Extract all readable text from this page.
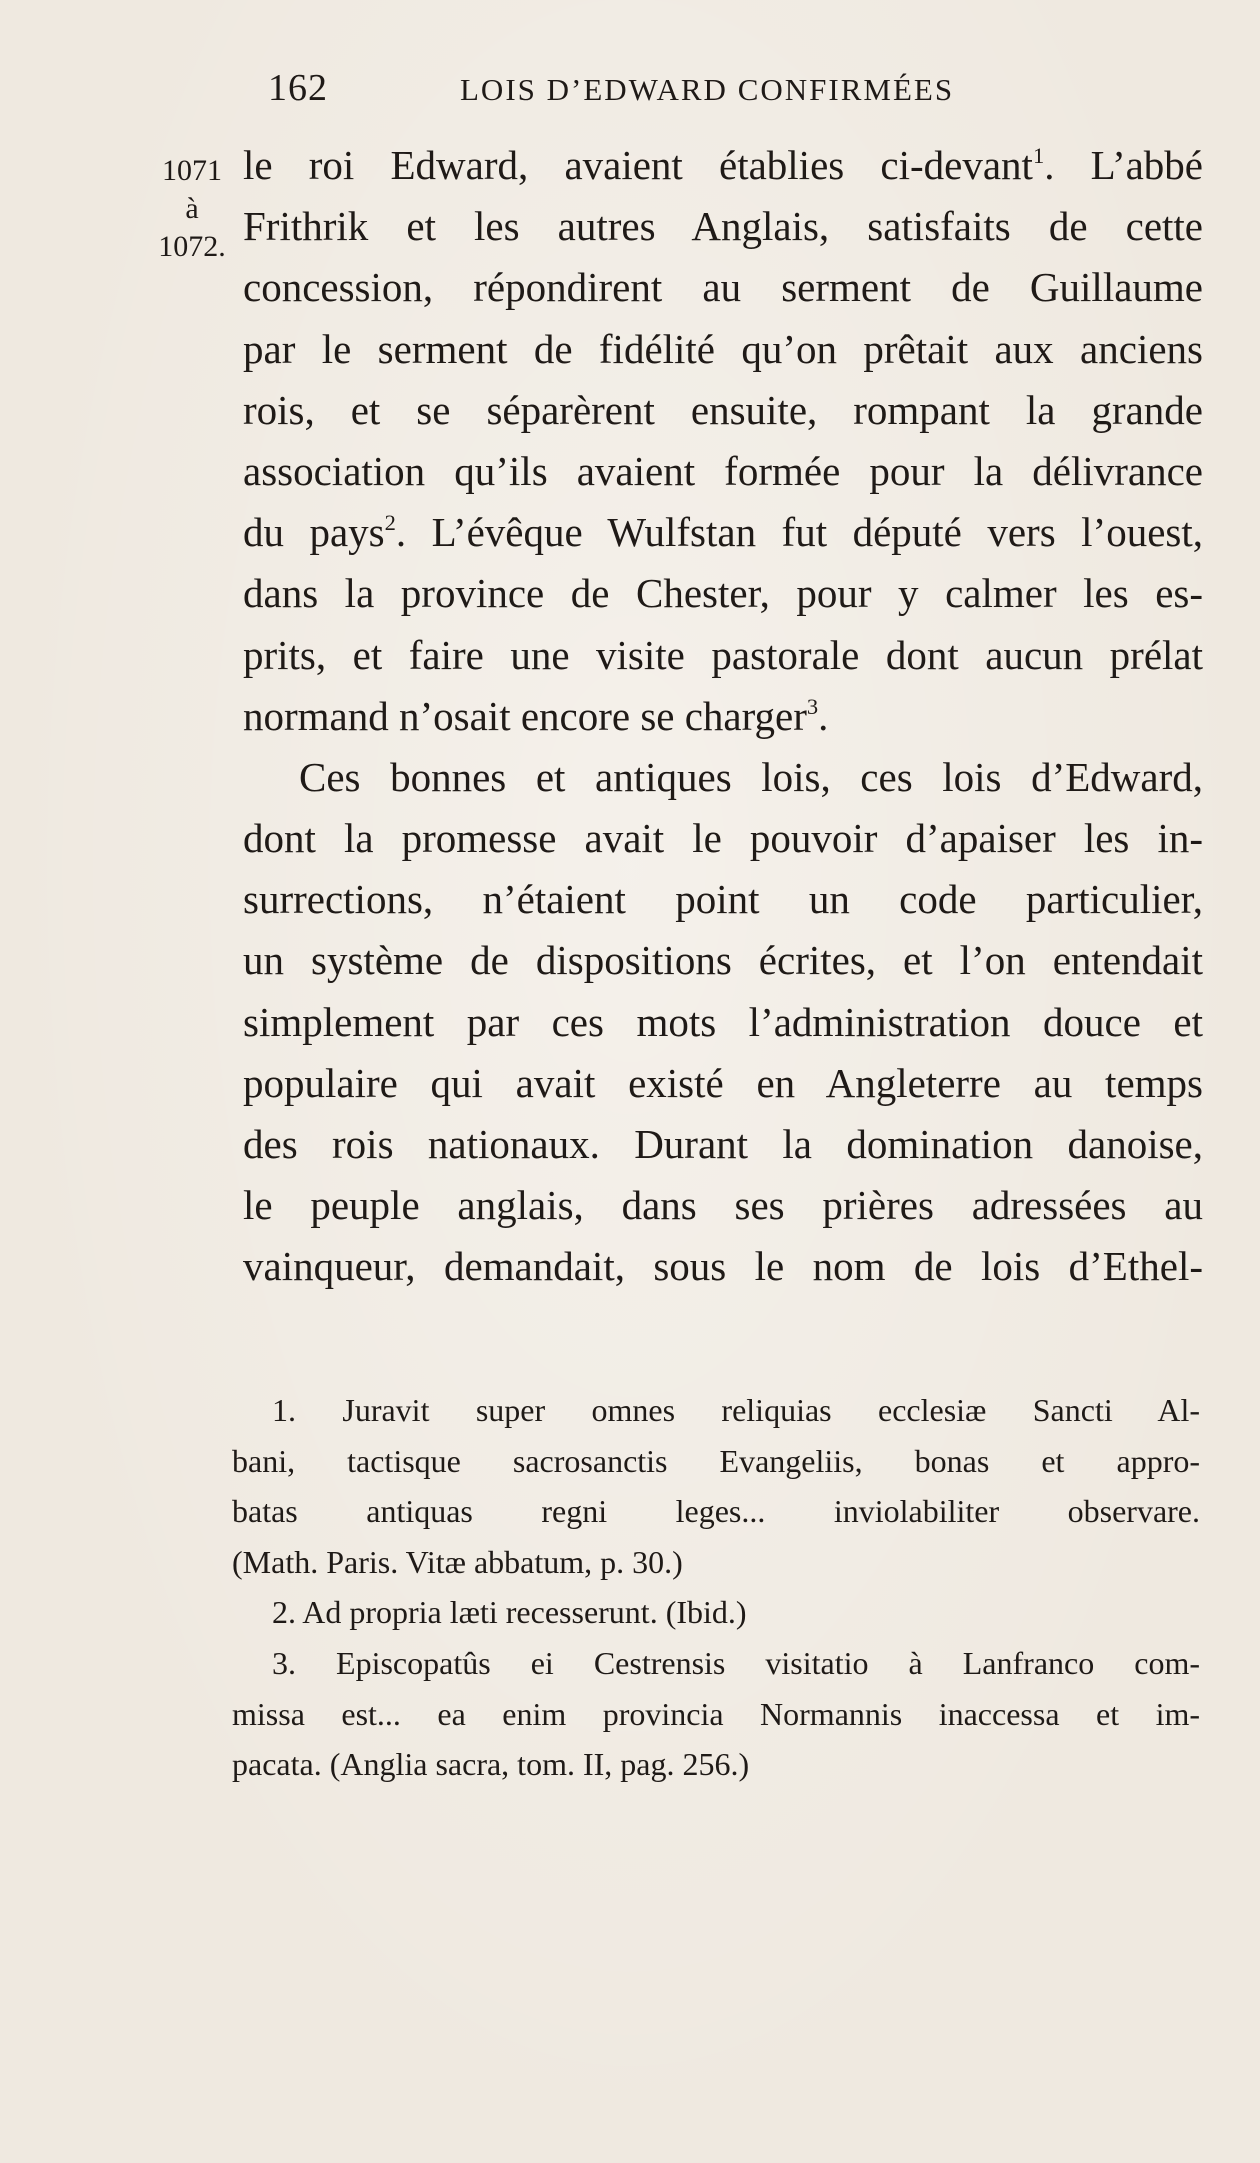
162	LOIS D’EDWARD CONFIRMÉES
1071
à
1072.
le roi Edward, avaient établies ci-devant$^1$. L’abbé
Frithrik et les autres Anglais, satisfaits de cette
concession, répondirent au serment de Guillaume
par le serment de fidélité qu’on prêtait aux anciens
rois, et se séparèrent ensuite, rompant la grande
association qu’ils avaient formée pour la délivrance
du pays$^2$. L’évêque Wulfstan fut député vers l’ouest,
dans la province de Chester, pour y calmer les es-
prits, et faire une visite pastorale dont aucun prélat
normand n’osait encore se charger$^3$.
Ces bonnes et antiques lois, ces lois d’Edward,
dont la promesse avait le pouvoir d’apaiser les in-
surrections, n’étaient point un code particulier,
un système de dispositions écrites, et l’on entendait
simplement par ces mots l’administration douce et
populaire qui avait existé en Angleterre au temps
des rois nationaux. Durant la domination danoise,
le peuple anglais, dans ses prières adressées au
vainqueur, demandait, sous le nom de lois d’Ethel-
1. Juravit super omnes reliquias ecclesiæ Sancti Al-
bani, tactisque sacrosanctis Evangeliis, bonas et appro-
batas antiquas regni leges... inviolabiliter observare.
(Math. Paris. Vitæ abbatum, p. 30.)
2. Ad propria læti recesserunt. (Ibid.)
3. Episcopatûs ei Cestrensis visitatio à Lanfranco com-
missa est... ea enim provincia Normannis inaccessa et im-
pacata. (Anglia sacra, tom. II, pag. 256.)
